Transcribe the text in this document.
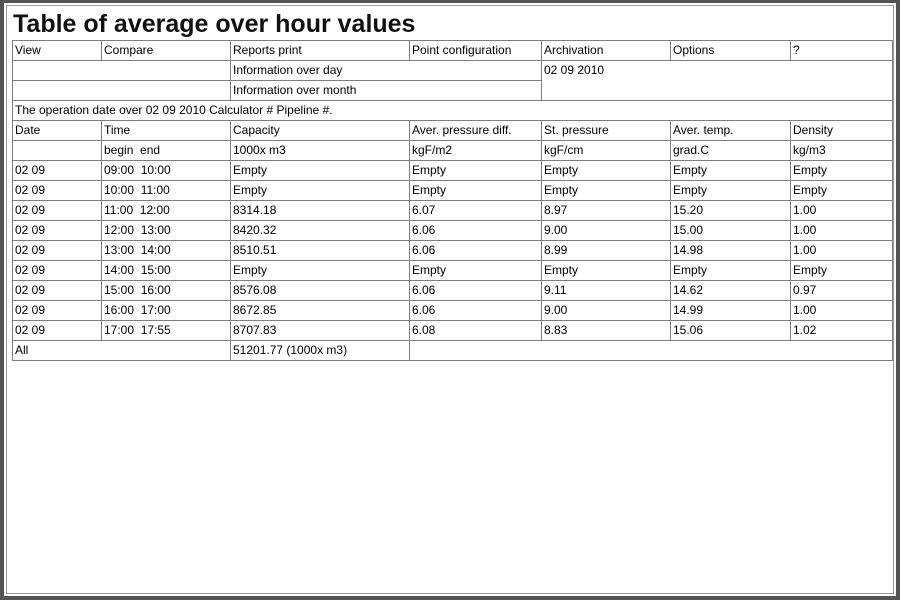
Table of average over hour values
View	Compare	Reports print	Point configuration	Archivation	Options	?
		Information over day		02 09 2010		
		Information over month				
The operation date over 02 09 2010 Calculator # Pipeline #.						
Date	Time	Capacity	Aver. pressure diff.	St. pressure	Aver. temp.	Density
	begin  end	1000x m3	kgF/m2	kgF/cm	grad.C	kg/m3
02 09	09:00  10:00	Empty	Empty	Empty	Empty	Empty
02 09	10:00  11:00	Empty	Empty	Empty	Empty	Empty
02 09	11:00  12:00	8314.18	6.07	8.97	15.20	1.00
02 09	12:00  13:00	8420.32	6.06	9.00	15.00	1.00
02 09	13:00  14:00	8510.51	6.06	8.99	14.98	1.00
02 09	14:00  15:00	Empty	Empty	Empty	Empty	Empty
02 09	15:00  16:00	8576.08	6.06	9.11	14.62	0.97
02 09	16:00  17:00	8672.85	6.06	9.00	14.99	1.00
02 09	17:00  17:55	8707.83	6.08	8.83	15.06	1.02
All		51201.77 (1000x m3)				
